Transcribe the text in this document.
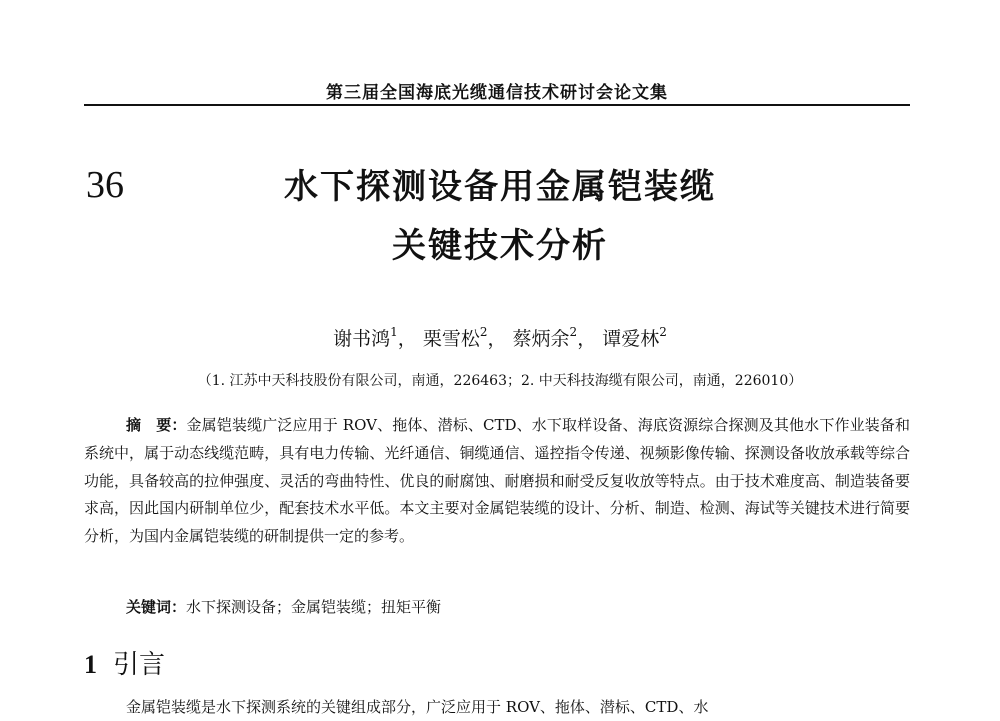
第三届全国海底光缆通信技术研讨会论文集
36	水下探测设备用金属铠装缆
关键技术分析
谢书鸿$^1$， 栗雪松$^2$， 蔡炳余$^2$， 谭爱林$^2$
（1. 江苏中天科技股份有限公司，南通，226463；2. 中天科技海缆有限公司，南通，226010）

摘　要：金属铠装缆广泛应用于 ROV、拖体、潜标、CTD、水下取样设备、海底资源综合探测及其他水下作业装备和系统中，属于动态线缆范畴，具有电力传输、光纤通信、铜缆通信、遥控指令传递、视频影像传输、探测设备收放承载等综合功能，具备较高的拉伸强度、灵活的弯曲特性、优良的耐腐蚀、耐磨损和耐受反复收放等特点。由于技术难度高、制造装备要求高，因此国内研制单位少，配套技术水平低。本文主要对金属铠装缆的设计、分析、制造、检测、海试等关键技术进行简要分析，为国内金属铠装缆的研制提供一定的参考。

关键词：水下探测设备；金属铠装缆；扭矩平衡
1 引言

金属铠装缆是水下探测系统的关键组成部分，广泛应用于 ROV、拖体、潜标、CTD、水
